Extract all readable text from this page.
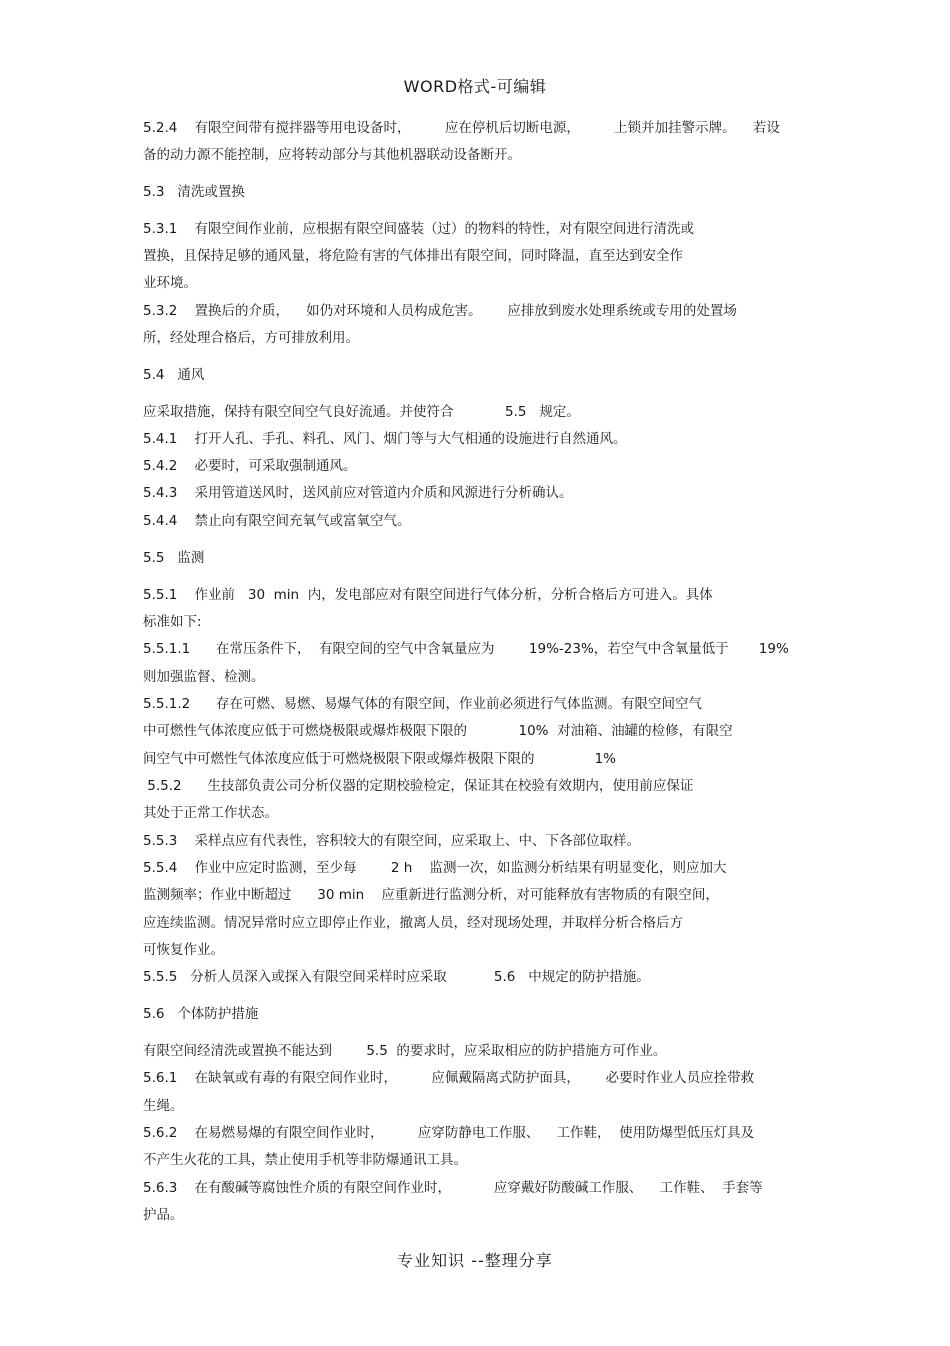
WORD格式-可编辑
5.2.4    有限空间带有搅拌器等用电设备时，        应在停机后切断电源，        上锁并加挂警示牌。    若设
备的动力源不能控制，应将转动部分与其他机器联动设备断开。
5.3   清洗或置换
5.3.1    有限空间作业前，应根据有限空间盛装（过）的物料的特性，对有限空间进行清洗或
置换，且保持足够的通风量，将危险有害的气体排出有限空间，同时降温，直至达到安全作
业环境。
5.3.2    置换后的介质，    如仍对环境和人员构成危害。      应排放到废水处理系统或专用的处置场
所，经处理合格后，方可排放利用。
5.4   通风
应采取措施，保持有限空间空气良好流通。并使符合            5.5   规定。
5.4.1    打开人孔、手孔、料孔、风门、烟门等与大气相通的设施进行自然通风。
5.4.2    必要时，可采取强制通风。
5.4.3    采用管道送风时，送风前应对管道内介质和风源进行分析确认。
5.4.4    禁止向有限空间充氧气或富氧空气。
5.5   监测
5.5.1    作业前   30  min  内，发电部应对有限空间进行气体分析，分析合格后方可进入。具体
标准如下:
5.5.1.1      在常压条件下，  有限空间的空气中含氧量应为        19%-23%，若空气中含氧量低于       19%
则加强监督、检测。
5.5.1.2      存在可燃、易燃、易爆气体的有限空间，作业前必须进行气体监测。有限空间空气
中可燃性气体浓度应低于可燃烧极限或爆炸极限下限的            10%  对油箱、油罐的检修，有限空
间空气中可燃性气体浓度应低于可燃烧极限下限或爆炸极限下限的              1%
5.5.2      生技部负责公司分析仪器的定期校验检定，保证其在校验有效期内，使用前应保证
其处于正常工作状态。
5.5.3    采样点应有代表性，容积较大的有限空间，应采取上、中、下各部位取样。
5.5.4    作业中应定时监测，至少每        2 h    监测一次，如监测分析结果有明显变化，则应加大
监测频率；作业中断超过      30 min    应重新进行监测分析，对可能释放有害物质的有限空间，
应连续监测。情况异常时应立即停止作业，撤离人员，经对现场处理，并取样分析合格后方
可恢复作业。
5.5.5   分析人员深入或探入有限空间采样时应采取           5.6   中规定的防护措施。
5.6   个体防护措施
有限空间经清洗或置换不能达到        5.5  的要求时，应采取相应的防护措施方可作业。
5.6.1    在缺氧或有毒的有限空间作业时，        应佩戴隔离式防护面具，      必要时作业人员应拴带救
生绳。
5.6.2    在易燃易爆的有限空间作业时，        应穿防静电工作服、    工作鞋，  使用防爆型低压灯具及
不产生火花的工具，禁止使用手机等非防爆通讯工具。
5.6.3    在有酸碱等腐蚀性介质的有限空间作业时，          应穿戴好防酸碱工作服、    工作鞋、  手套等
护品。
专业知识 --整理分享
